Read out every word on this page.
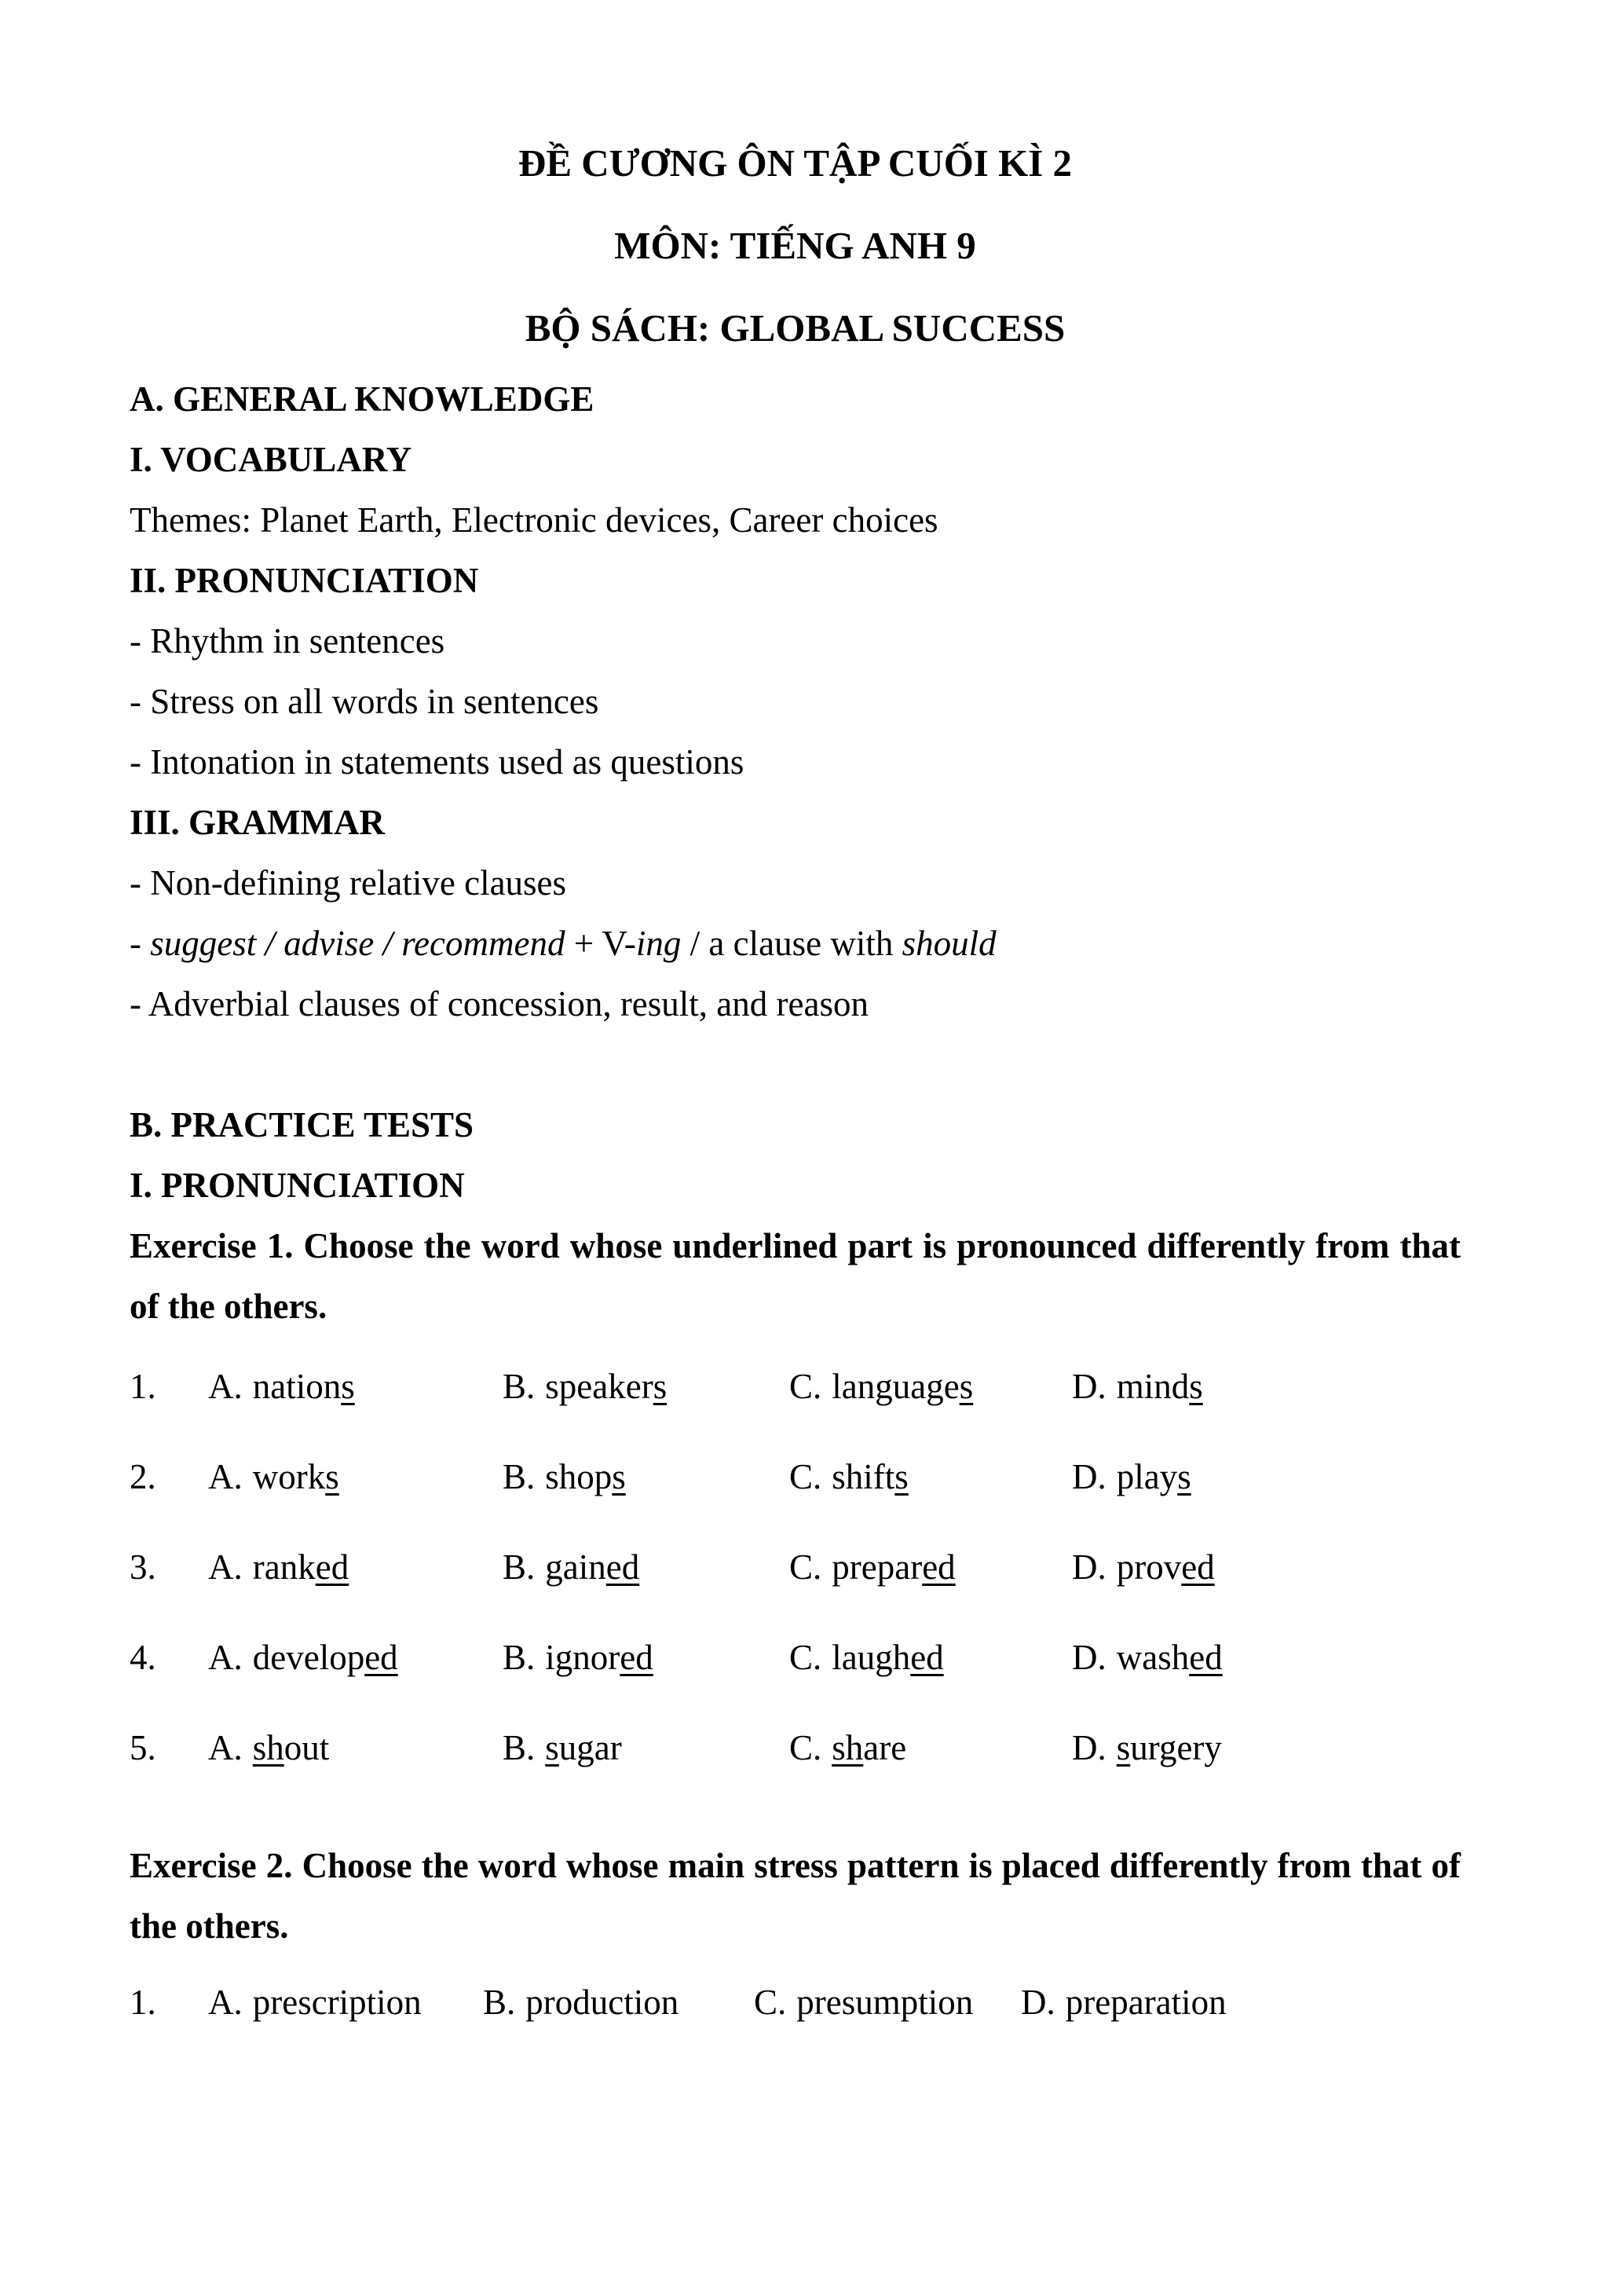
ĐỀ CƯƠNG ÔN TẬP CUỐI KÌ 2

MÔN: TIẾNG ANH 9

BỘ SÁCH: GLOBAL SUCCESS

A. GENERAL KNOWLEDGE

I. VOCABULARY

Themes: Planet Earth, Electronic devices, Career choices

II. PRONUNCIATION

- Rhythm in sentences

- Stress on all words in sentences

- Intonation in statements used as questions

III. GRAMMAR

- Non-defining relative clauses

- suggest / advise / recommend + V-ing / a clause with should

- Adverbial clauses of concession, result, and reason

B. PRACTICE TESTS

I. PRONUNCIATION

Exercise 1. Choose the word whose underlined part is pronounced differently from that of the others.

1.	A. nations	B. speakers	C. languages	D. minds
2.	A. works	B. shops	C. shifts	D. plays
3.	A. ranked	B. gained	C. prepared	D. proved
4.	A. developed	B. ignored	C. laughed	D. washed
5.	A. shout	B. sugar	C. share	D. surgery

Exercise 2. Choose the word whose main stress pattern is placed differently from that of the others.

1.	A. prescription	B. production	C. presumption	D. preparation
